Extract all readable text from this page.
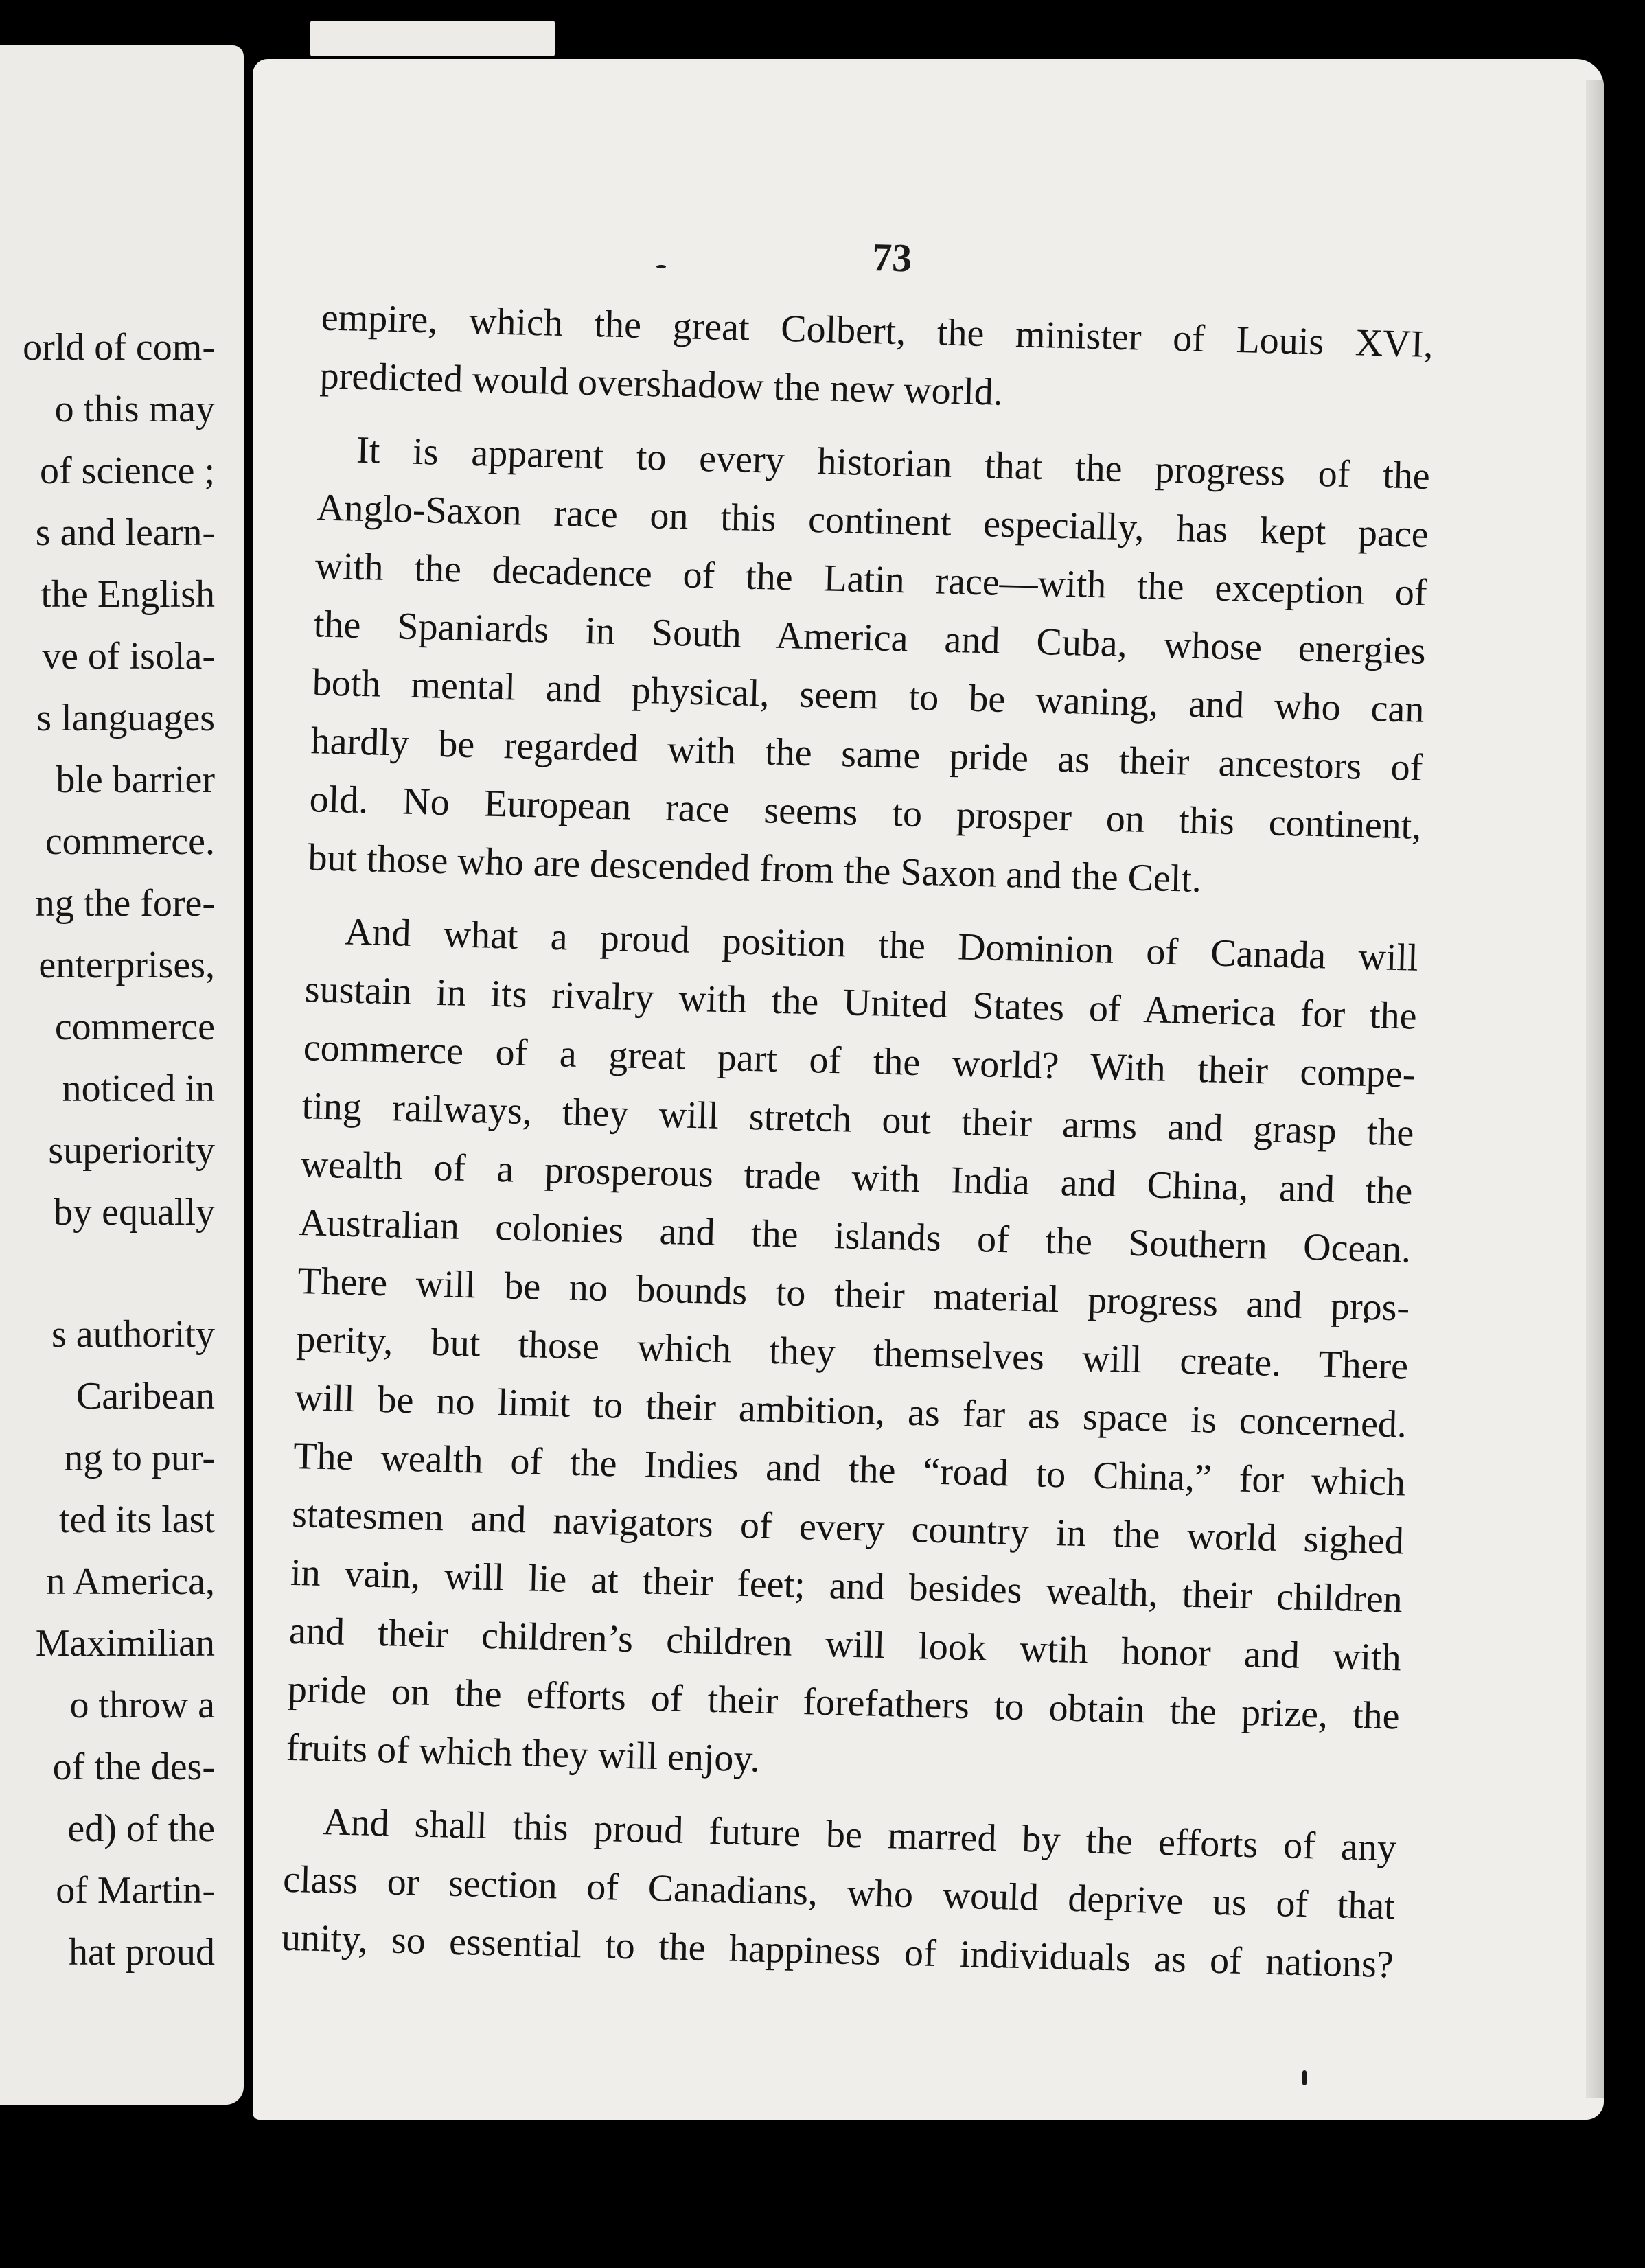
orld of com-
o this may
of science ;
s and learn-
the English
ve of isola-
s languages
ble barrier
commerce.
ng the fore-
enterprises,
commerce
noticed in
superiority
by equally
s authority
Caribean
ng to pur-
ted its last
n America,
Maximilian
o throw a
of the des-
ed) of the
of Martin-
hat proud
73
empire, which the great Colbert, the minister of Louis XVI,
predicted would overshadow the new world.
It is apparent to every historian that the progress of the
Anglo-Saxon race on this continent especially, has kept pace
with the decadence of the Latin race—with the exception of
the Spaniards in South America and Cuba, whose energies
both mental and physical, seem to be waning, and who can
hardly be regarded with the same pride as their ancestors of
old. No European race seems to prosper on this continent,
but those who are descended from the Saxon and the Celt.
And what a proud position the Dominion of Canada will
sustain in its rivalry with the United States of America for the
commerce of a great part of the world? With their compe-
ting railways, they will stretch out their arms and grasp the
wealth of a prosperous trade with India and China, and the
Australian colonies and the islands of the Southern Ocean.
There will be no bounds to their material progress and pros-
perity, but those which they themselves will create. There
will be no limit to their ambition, as far as space is concerned.
The wealth of the Indies and the “road to China,” for which
statesmen and navigators of every country in the world sighed
in vain, will lie at their feet; and besides wealth, their children
and their children’s children will look wtih honor and with
pride on the efforts of their forefathers to obtain the prize, the
fruits of which they will enjoy.
And shall this proud future be marred by the efforts of any
class or section of Canadians, who would deprive us of that
unity, so essential to the happiness of individuals as of nations?
